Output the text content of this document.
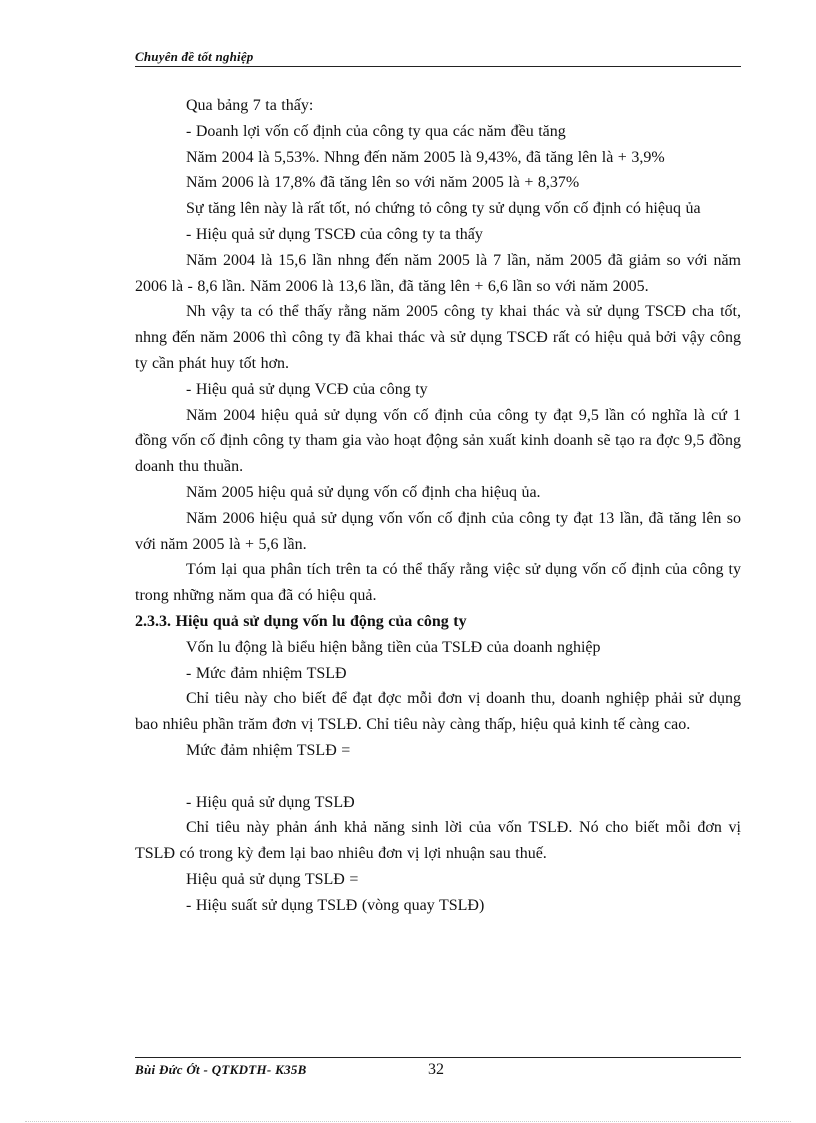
Chuyên đề tốt nghiệp

Qua bảng 7 ta thấy:

- Doanh lợi vốn cố định của công ty qua các năm đều tăng

Năm 2004 là 5,53%. Nhng đến năm 2005 là 9,43%, đã tăng lên là + 3,9%

Năm 2006 là 17,8% đã tăng lên so với năm 2005 là + 8,37%

Sự tăng lên này là rất tốt, nó chứng tỏ công ty sử dụng vốn cố định có hiệuq ủa

- Hiệu quả sử dụng TSCĐ của công ty ta thấy

Năm 2004 là 15,6 lần nhng đến năm 2005 là 7 lần, năm 2005 đã giảm so với năm 2006 là - 8,6 lần. Năm 2006 là 13,6 lần, đã tăng lên + 6,6 lần so với năm 2005.

Nh vậy ta có thể thấy rằng năm 2005 công ty khai thác và sử dụng TSCĐ cha tốt, nhng đến năm 2006 thì công ty đã khai thác và sử dụng TSCĐ rất có hiệu quả bởi vậy công ty cần phát huy tốt hơn.

- Hiệu quả sử dụng VCĐ của công ty

Năm 2004 hiệu quả sử dụng vốn cố định của công ty đạt 9,5 lần có nghĩa là cứ 1 đồng vốn cố định công ty tham gia vào hoạt động sản xuất kinh doanh sẽ tạo ra đợc 9,5 đồng doanh thu thuần.

Năm 2005 hiệu quả sử dụng vốn cố định cha hiệuq ủa.

Năm 2006 hiệu quả sử dụng vốn vốn cố định của công ty đạt 13 lần, đã tăng lên so với năm 2005 là + 5,6 lần.

Tóm lại qua phân tích trên ta có thể thấy rằng việc sử dụng vốn cố định của công ty trong những năm qua đã có hiệu quả.

2.3.3. Hiệu quả sử dụng vốn lu động của công ty

Vốn lu động là biểu hiện bằng tiền của TSLĐ của doanh nghiệp

- Mức đảm nhiệm TSLĐ

Chỉ tiêu này cho biết để đạt đợc mỗi đơn vị doanh thu, doanh nghiệp phải sử dụng bao nhiêu phần trăm đơn vị TSLĐ. Chỉ tiêu này càng thấp, hiệu quả kinh tế càng cao.

Mức đảm nhiệm TSLĐ =

- Hiệu quả sử dụng TSLĐ

Chỉ tiêu này phản ánh khả năng sinh lời của vốn TSLĐ. Nó cho biết mỗi đơn vị TSLĐ có trong kỳ đem lại bao nhiêu đơn vị lợi nhuận sau thuế.

Hiệu quả sử dụng TSLĐ =

- Hiệu suất sử dụng TSLĐ (vòng quay TSLĐ)

Bùi Đức Ớt - QTKDTH- K35B	32
